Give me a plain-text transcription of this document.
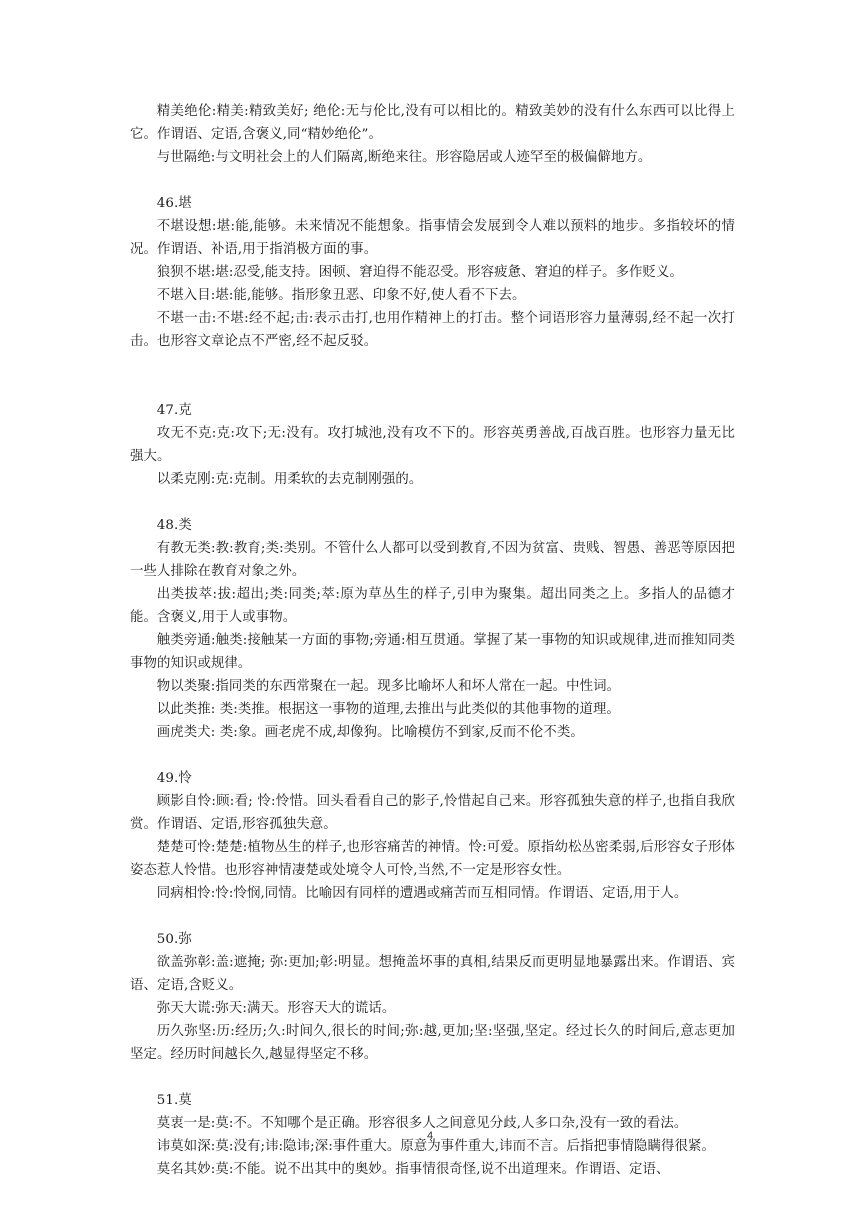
精美绝伦:精美:精致美好; 绝伦:无与伦比,没有可以相比的。精致美妙的没有什么东西可以比得上它。作谓语、定语,含褒义,同“精妙绝伦”。

与世隔绝:与文明社会上的人们隔离,断绝来往。形容隐居或人迹罕至的极偏僻地方。

46.堪

不堪设想:堪:能,能够。未来情况不能想象。指事情会发展到令人难以预料的地步。多指较坏的情况。作谓语、补语,用于指消极方面的事。

狼狈不堪:堪:忍受,能支持。困顿、窘迫得不能忍受。形容疲惫、窘迫的样子。多作贬义。

不堪入目:堪:能,能够。指形象丑恶、印象不好,使人看不下去。

不堪一击:不堪:经不起;击:表示击打,也用作精神上的打击。整个词语形容力量薄弱,经不起一次打击。也形容文章论点不严密,经不起反驳。

47.克

攻无不克:克:攻下;无:没有。攻打城池,没有攻不下的。形容英勇善战,百战百胜。也形容力量无比强大。

以柔克刚:克:克制。用柔软的去克制刚强的。

48.类

有教无类:教:教育;类:类别。不管什么人都可以受到教育,不因为贫富、贵贱、智愚、善恶等原因把一些人排除在教育对象之外。

出类拔萃:拔:超出;类:同类;萃:原为草丛生的样子,引申为聚集。超出同类之上。多指人的品德才能。含褒义,用于人或事物。

触类旁通:触类:接触某一方面的事物;旁通:相互贯通。掌握了某一事物的知识或规律,进而推知同类事物的知识或规律。

物以类聚:指同类的东西常聚在一起。现多比喻坏人和坏人常在一起。中性词。

以此类推: 类:类推。根据这一事物的道理,去推出与此类似的其他事物的道理。

画虎类犬: 类:象。画老虎不成,却像狗。比喻模仿不到家,反而不伦不类。

49.怜

顾影自怜:顾:看; 怜:怜惜。回头看看自己的影子,怜惜起自己来。形容孤独失意的样子,也指自我欣赏。作谓语、定语,形容孤独失意。

楚楚可怜:楚楚:植物丛生的样子,也形容痛苦的神情。怜:可爱。原指幼松丛密柔弱,后形容女子形体姿态惹人怜惜。也形容神情凄楚或处境令人可怜,当然,不一定是形容女性。

同病相怜:怜:怜悯,同情。比喻因有同样的遭遇或痛苦而互相同情。作谓语、定语,用于人。

50.弥

欲盖弥彰:盖:遮掩; 弥:更加;彰:明显。想掩盖坏事的真相,结果反而更明显地暴露出来。作谓语、宾语、定语,含贬义。

弥天大谎:弥天:满天。形容天大的谎话。

历久弥坚:历:经历;久:时间久,很长的时间;弥:越,更加;坚:坚强,坚定。经过长久的时间后,意志更加坚定。经历时间越长久,越显得坚定不移。

51.莫

莫衷一是:莫:不。不知哪个是正确。形容很多人之间意见分歧,人多口杂,没有一致的看法。

讳莫如深:莫:没有;讳:隐讳;深:事件重大。原意为事件重大,讳而不言。后指把事情隐瞒得很紧。

莫名其妙:莫:不能。说不出其中的奥妙。指事情很奇怪,说不出道理来。作谓语、定语、

4
